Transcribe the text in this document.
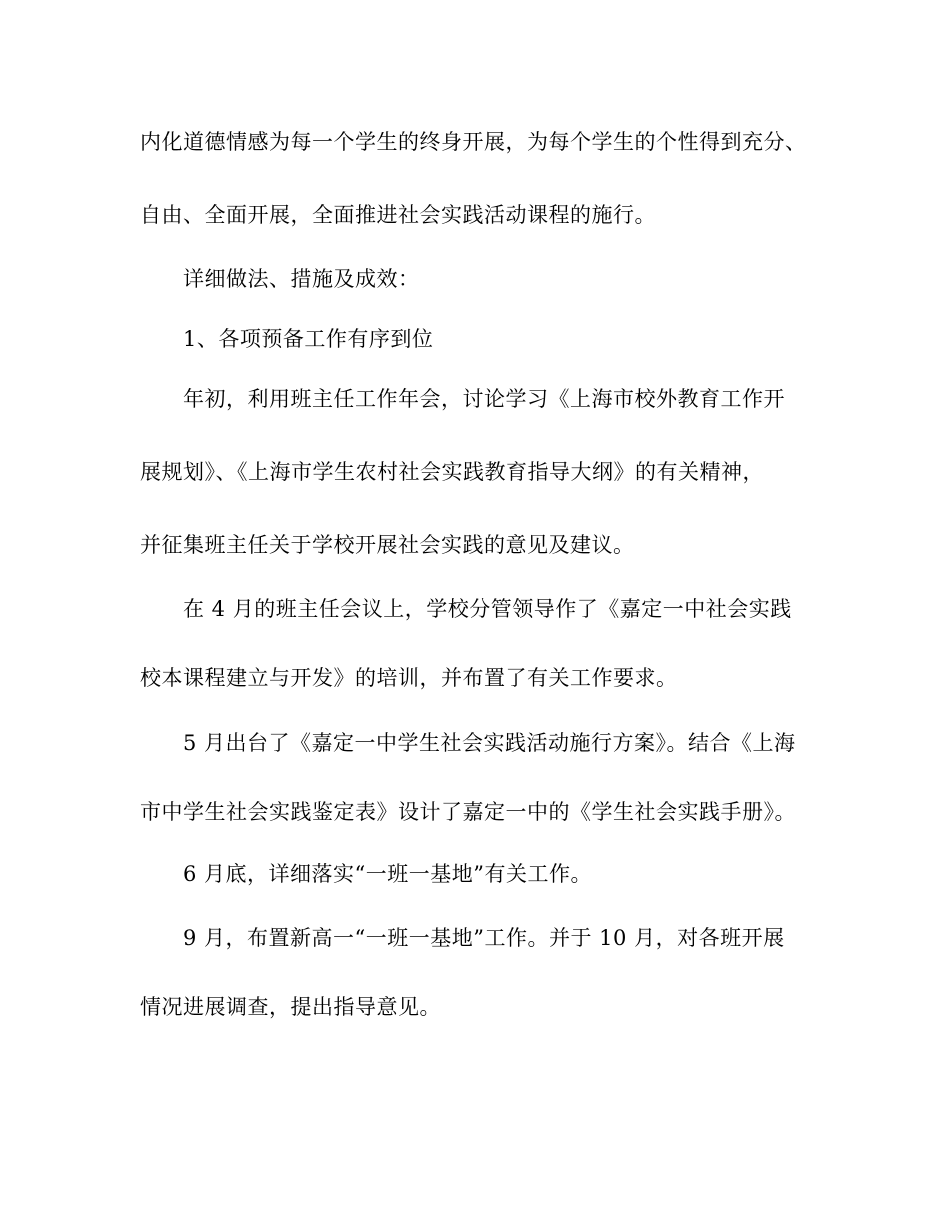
内化道德情感为每一个学生的终身开展，为每个学生的个性得到充分、
自由、全面开展，全面推进社会实践活动课程的施行。
详细做法、措施及成效：
1、各项预备工作有序到位
年初，利用班主任工作年会，讨论学习《上海市校外教育工作开
展规划》、《上海市学生农村社会实践教育指导大纲》的有关精神，
并征集班主任关于学校开展社会实践的意见及建议。
在 4 月的班主任会议上，学校分管领导作了《嘉定一中社会实践
校本课程建立与开发》的培训，并布置了有关工作要求。
5 月出台了《嘉定一中学生社会实践活动施行方案》。结合《上海
市中学生社会实践鉴定表》设计了嘉定一中的《学生社会实践手册》。
6 月底，详细落实“一班一基地”有关工作。
9 月，布置新高一“一班一基地”工作。并于 10 月，对各班开展
情况进展调查，提出指导意见。
